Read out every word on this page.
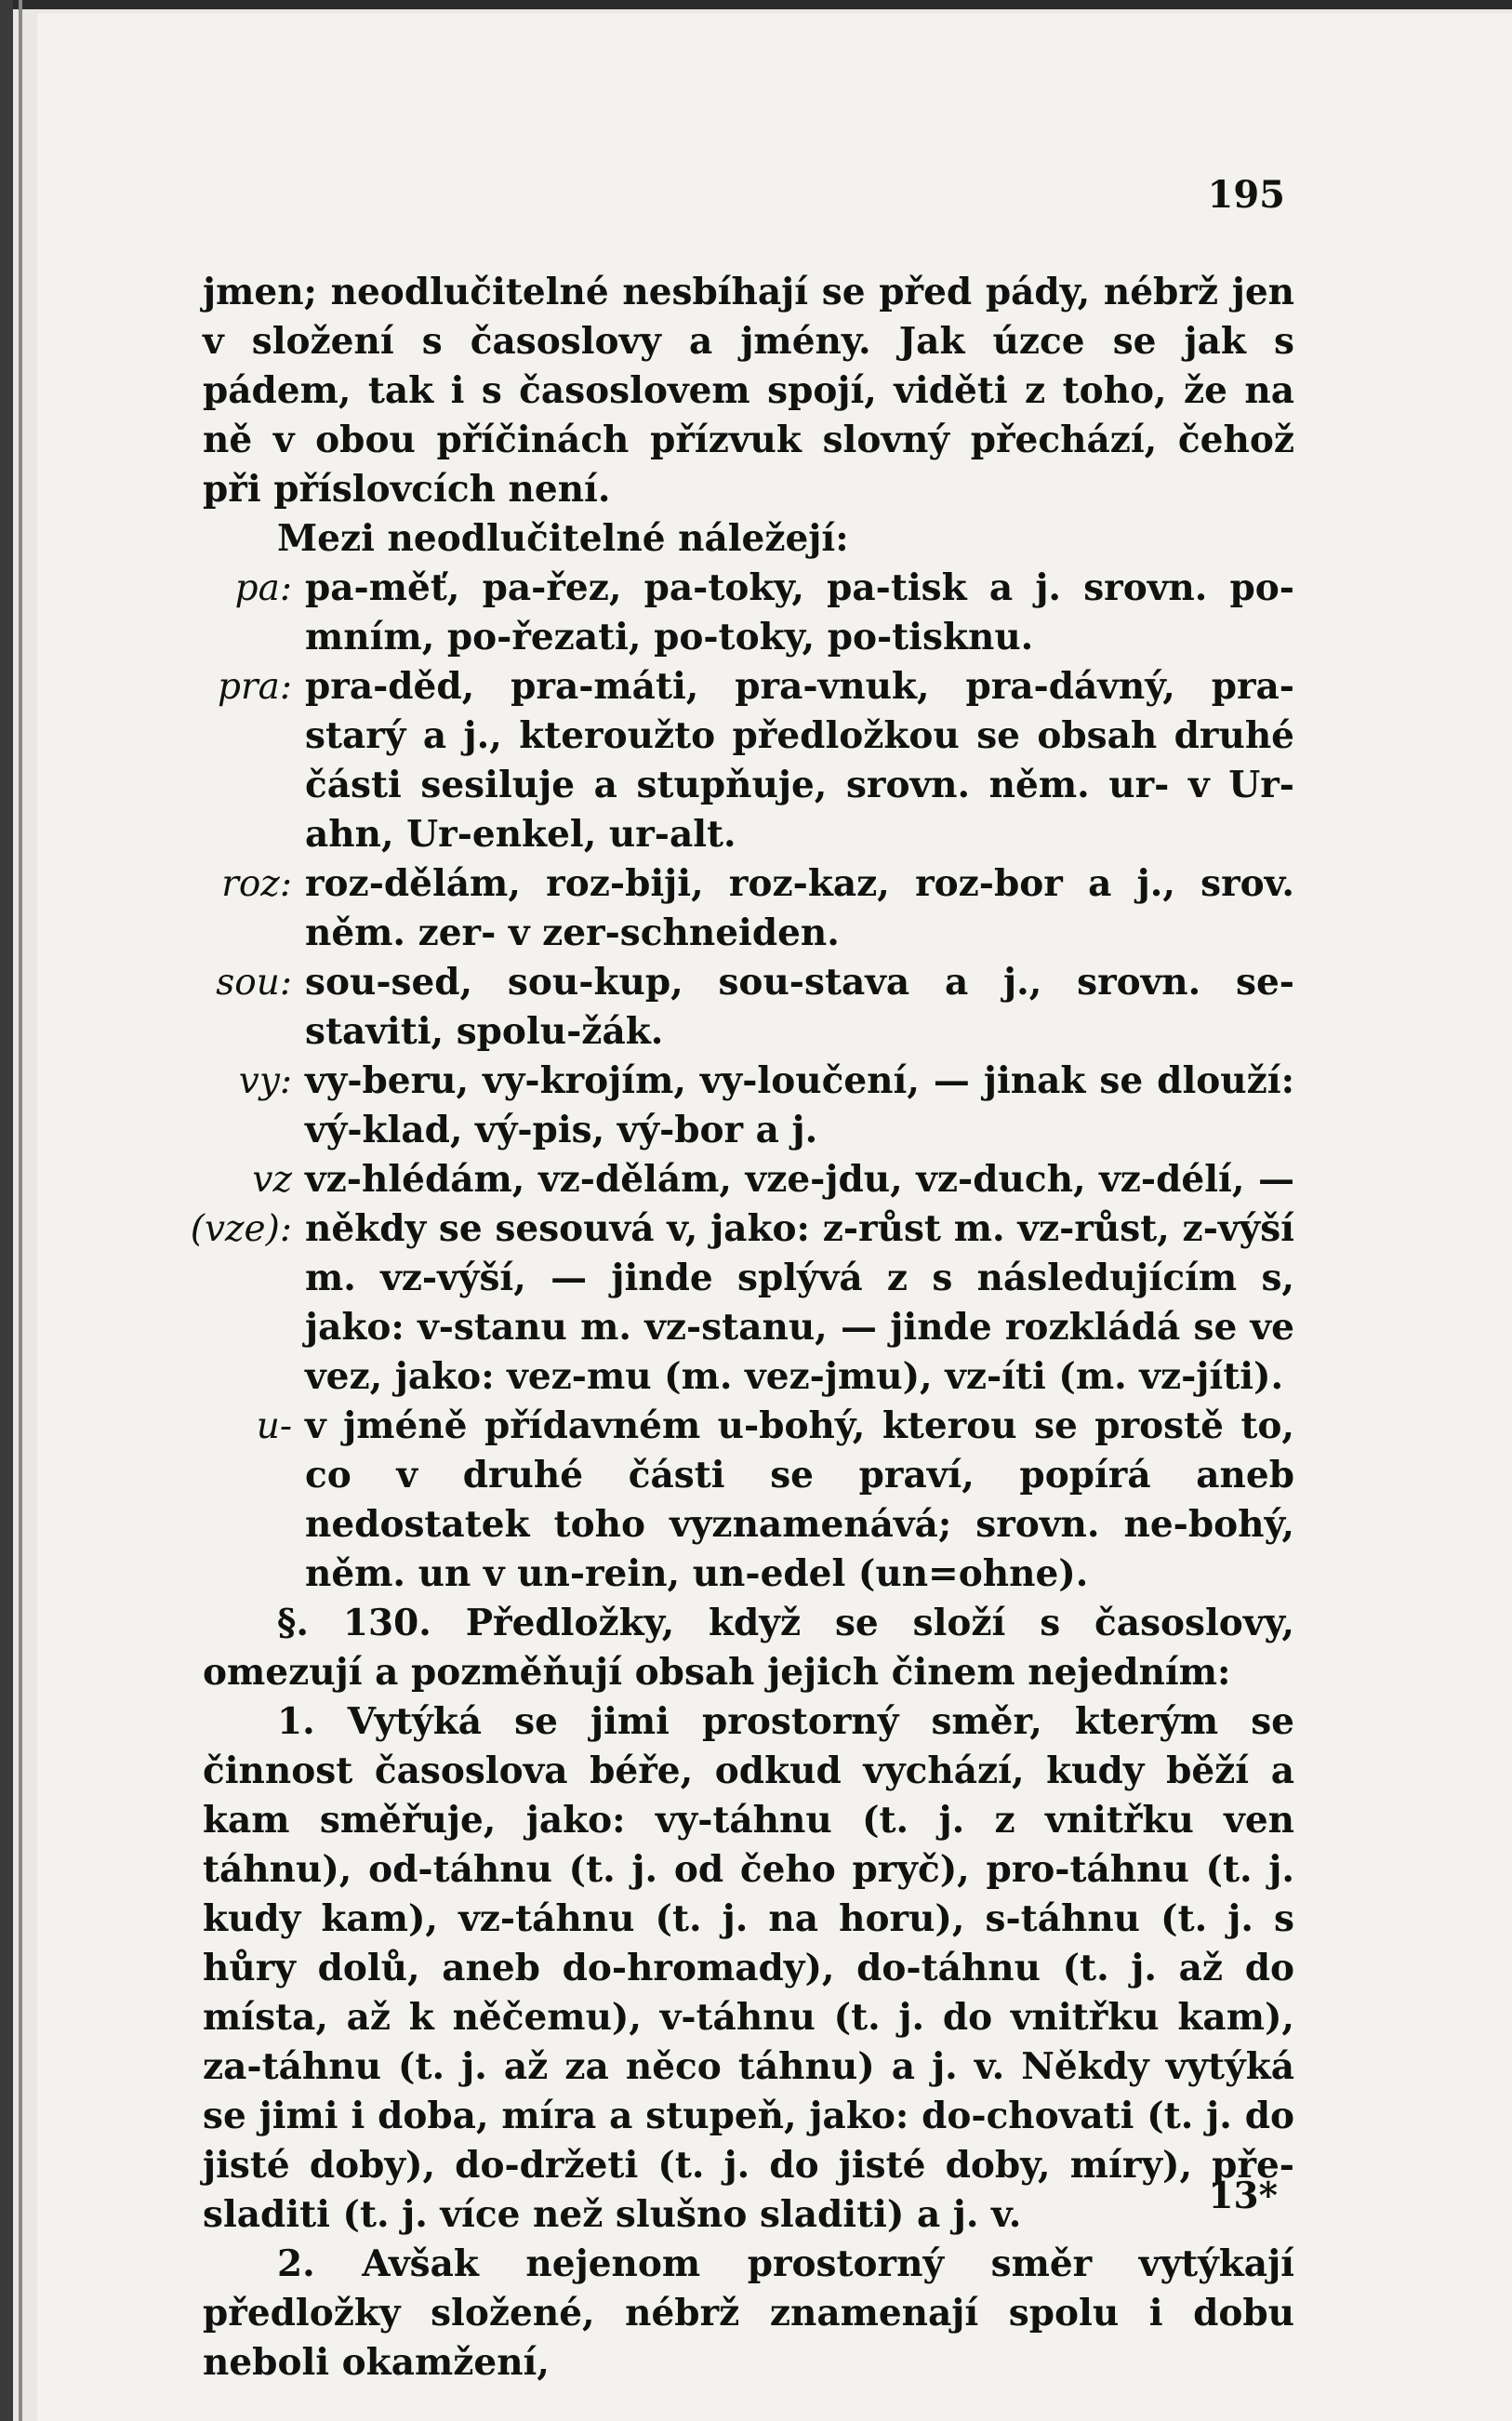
195

jmen; neodlučitelné nesbíhají se před pády, nébrž jen v složení s časoslovy a jmény. Jak úzce se jak s pádem, tak i s časoslovem spojí, viděti z toho, že na ně v obou příčinách přízvuk slovný přechází, čehož při příslovcích není.

Mezi neodlučitelné náležejí:

pa: pa-měť, pa-řez, pa-toky, pa-tisk a j. srovn. po-mním, po-řezati, po-toky, po-tisknu.
pra: pra-děd, pra-máti, pra-vnuk, pra-dávný, pra-starý a j., kteroužto předložkou se obsah druhé části sesiluje a stupňuje, srovn. něm. ur- v Ur-ahn, Ur-enkel, ur-alt.
roz: roz-dělám, roz-biji, roz-kaz, roz-bor a j., srov. něm. zer- v zer-schneiden.
sou: sou-sed, sou-kup, sou-stava a j., srovn. se-staviti, spolu-žák.
vy: vy-beru, vy-krojím, vy-loučení, — jinak se dlouží: vý-klad, vý-pis, vý-bor a j.
vz (vze):
vz-hlédám, vz-dělám, vze-jdu, vz-duch, vz-délí, — někdy se sesouvá v, jako: z-růst m. vz-růst, z-výší m. vz-výší, — jinde splývá z s následujícím s, jako: v-stanu m. vz-stanu, — jinde rozkládá se ve vez, jako: vez-mu (m. vez-jmu), vz-íti (m. vz-jíti).
u- v jméně přídavném u-bohý, kterou se prostě to, co v druhé části se praví, popírá aneb nedostatek toho vyznamenává; srovn. ne-bohý, něm. un v un-rein, un-edel (un=ohne).

§. 130. Předložky, když se složí s časoslovy, omezují a pozměňují obsah jejich činem nejedním:

1. Vytýká se jimi prostorný směr, kterým se činnost časoslova béře, odkud vychází, kudy běží a kam směřuje, jako: vy-táhnu (t. j. z vnitřku ven táhnu), od-táhnu (t. j. od čeho pryč), pro-táhnu (t. j. kudy kam), vz-táhnu (t. j. na horu), s-táhnu (t. j. s hůry dolů, aneb do-hromady), do-táhnu (t. j. až do místa, až k něčemu), v-táhnu (t. j. do vnitřku kam), za-táhnu (t. j. až za něco táhnu) a j. v. Někdy vytýká se jimi i doba, míra a stupeň, jako: do-chovati (t. j. do jisté doby), do-držeti (t. j. do jisté doby, míry), pře-sladiti (t. j. více než slušno sladiti) a j. v.

2. Avšak nejenom prostorný směr vytýkají předložky složené, nébrž znamenají spolu i dobu neboli okamžení,

13*
